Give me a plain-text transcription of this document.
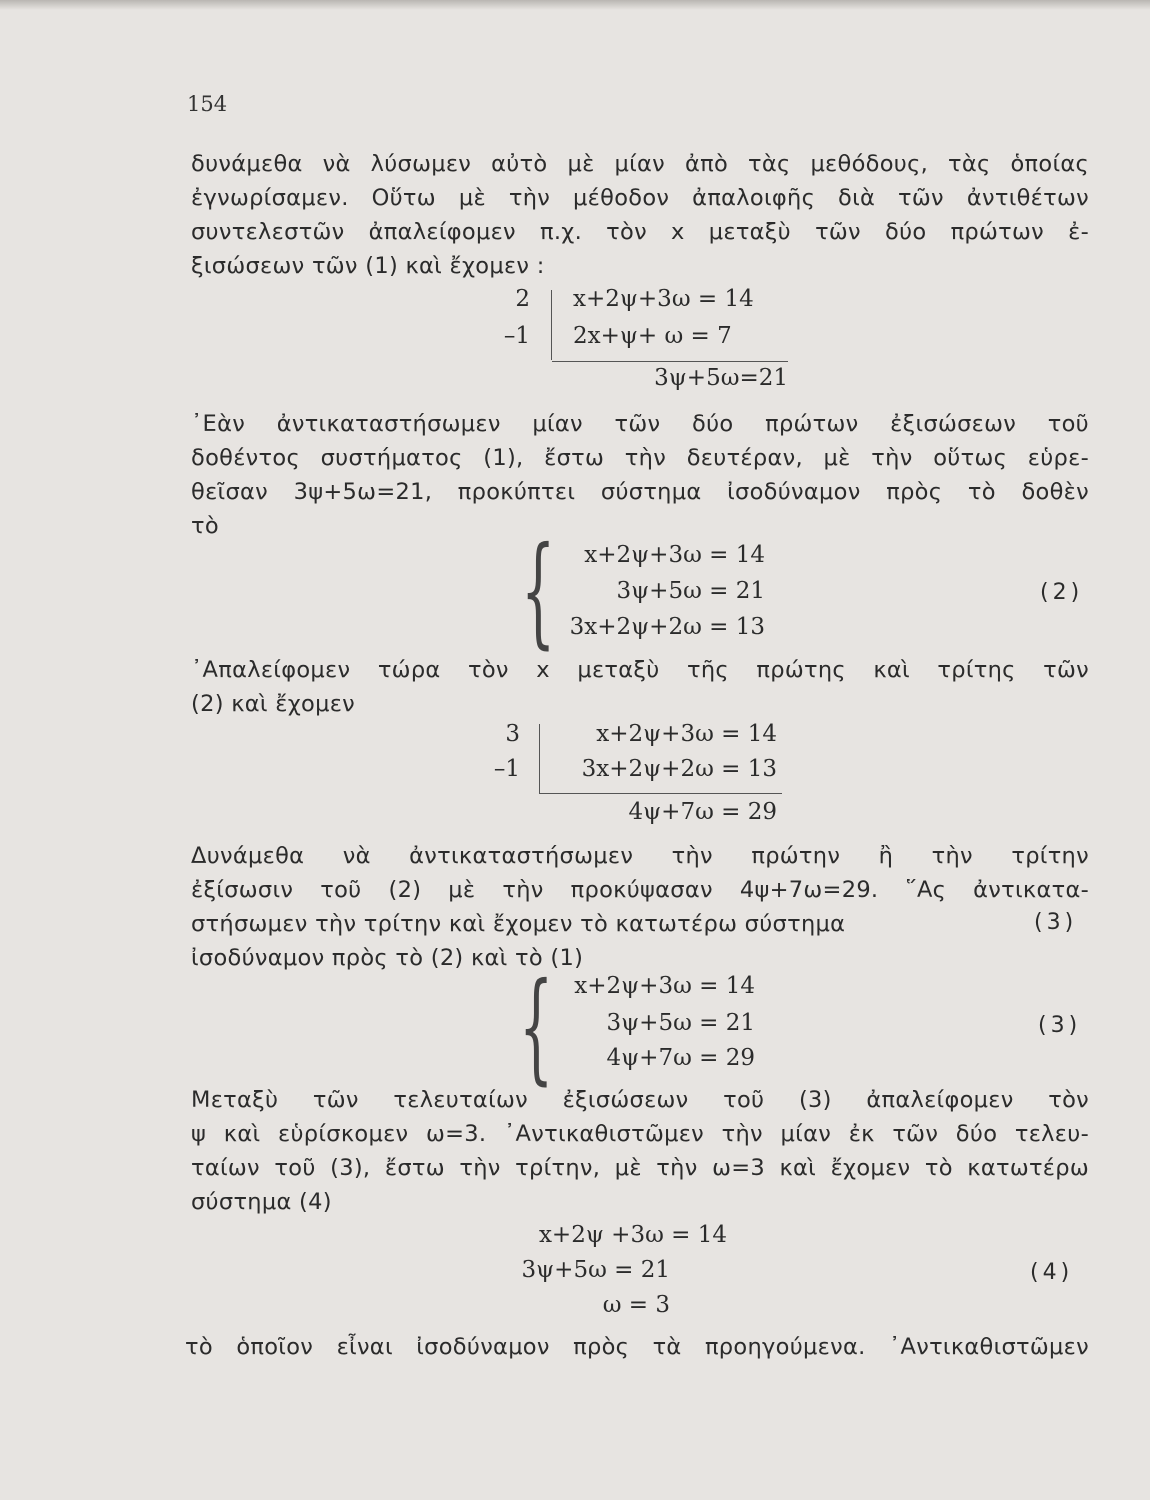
154
δυνάμεθα νὰ λύσωμεν αὐτὸ μὲ μίαν ἀπὸ τὰς μεθόδους, τὰς ὁποίας
ἐγνωρίσαμεν. Οὕτω μὲ τὴν μέθοδον ἀπαλοιφῆς διὰ τῶν ἀντιθέτων
συντελεστῶν ἀπαλείφομεν π.χ. τὸν x μεταξὺ τῶν δύο πρώτων ἐ-
ξισώσεων τῶν (1) καὶ ἔχομεν :
2
–1
x+2ψ+3ω = 14
2x+ψ+ ω = 7
3ψ+5ω=21
᾿Εὰν ἀντικαταστήσωμεν μίαν τῶν δύο πρώτων ἐξισώσεων τοῦ
δοθέντος συστήματος (1), ἔστω τὴν δευτέραν, μὲ τὴν οὕτως εὑρε-
θεῖσαν 3ψ+5ω=21, προκύπτει σύστημα ἰσοδύναμον πρὸς τὸ δοθὲν
τὸ	{	x+2ψ+3ω = 14
3ψ+5ω = 21
3x+2ψ+2ω = 13
(2)
᾿Απαλείφομεν τώρα τὸν x μεταξὺ τῆς πρώτης καὶ τρίτης τῶν
(2) καὶ ἔχομεν
3
–1
x+2ψ+3ω = 14
3x+2ψ+2ω = 13
4ψ+7ω = 29
Δυνάμεθα νὰ ἀντικαταστήσωμεν τὴν πρώτην ἢ τὴν τρίτην
ἐξίσωσιν τοῦ (2) μὲ τὴν προκύψασαν 4ψ+7ω=29. ῞Ας ἀντικατα-
στήσωμεν τὴν τρίτην καὶ ἔχομεν τὸ κατωτέρω σύστημα
ἰσοδύναμον πρὸς τὸ (2) καὶ τὸ (1)
(3)
{ x+2ψ+3ω = 14
3ψ+5ω = 21
4ψ+7ω = 29
(3)
Μεταξὺ τῶν τελευταίων ἐξισώσεων τοῦ (3) ἀπαλείφομεν τὸν
ψ καὶ εὑρίσκομεν ω=3. ᾿Αντικαθιστῶμεν τὴν μίαν ἐκ τῶν δύο τελευ-
ταίων τοῦ (3), ἔστω τὴν τρίτην, μὲ τὴν ω=3 καὶ ἔχομεν τὸ κατωτέρω
σύστημα (4)
x+2ψ +3ω = 14
3ψ+5ω = 21
ω = 3
(4)
τὸ ὁποῖον εἶναι ἰσοδύναμον πρὸς τὰ προηγούμενα. ᾿Αντικαθιστῶμεν
